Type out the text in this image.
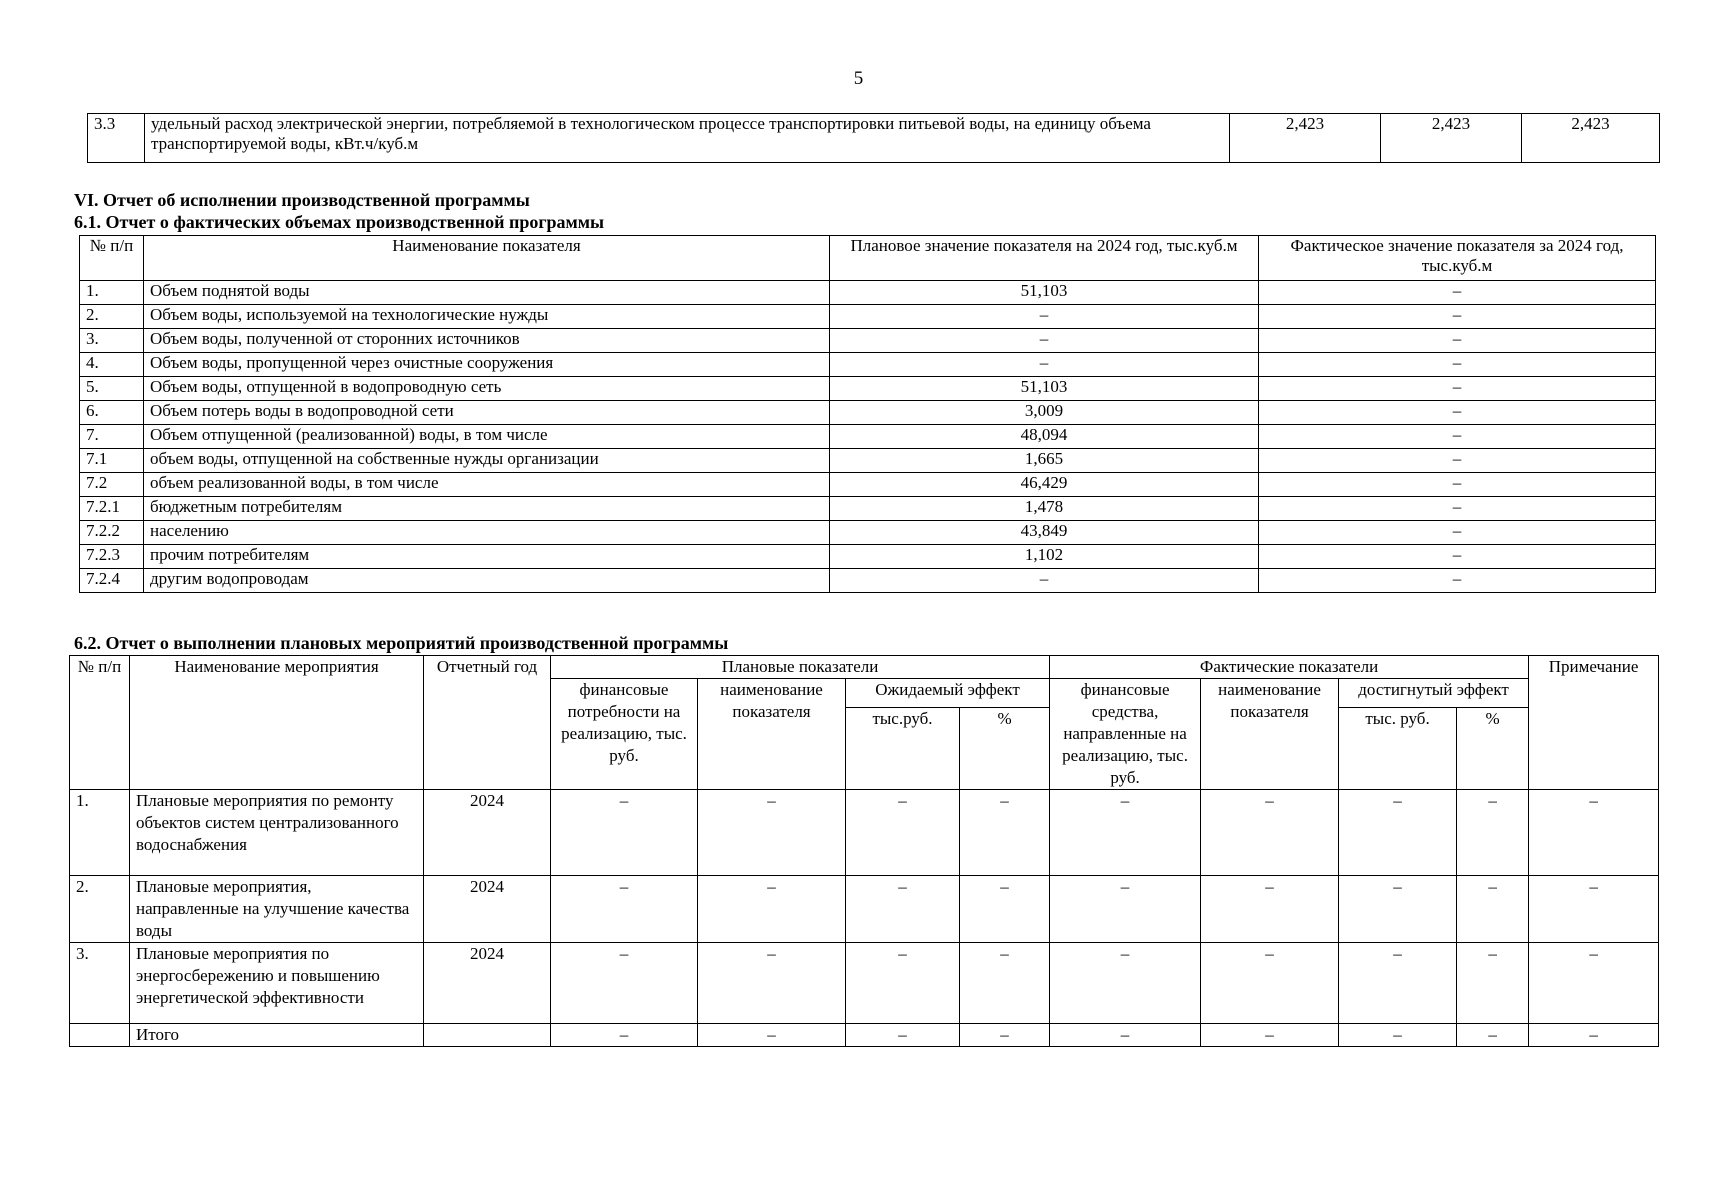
5
3.3	удельный расход электрической энергии, потребляемой в технологическом процессе транспортировки питьевой воды, на единицу объема транспортируемой воды, кВт.ч/куб.м	2,423	2,423	2,423
VI. Отчет об исполнении производственной программы
6.1. Отчет о фактических объемах производственной программы
№ п/п	Наименование показателя	Плановое значение показателя на 2024 год, тыс.куб.м	Фактическое значение показателя за 2024 год, тыс.куб.м
1.	Объем поднятой воды	51,103	–
2.	Объем воды, используемой на технологические нужды	–	–
3.	Объем воды, полученной от сторонних источников	–	–
4.	Объем воды, пропущенной через очистные сооружения	–	–
5.	Объем воды, отпущенной в водопроводную сеть	51,103	–
6.	Объем потерь воды в водопроводной сети	3,009	–
7.	Объем отпущенной (реализованной) воды, в том числе	48,094	–
7.1	объем воды, отпущенной на собственные нужды организации	1,665	–
7.2	объем реализованной воды, в том числе	46,429	–
7.2.1	бюджетным потребителям	1,478	–
7.2.2	населению	43,849	–
7.2.3	прочим потребителям	1,102	–
7.2.4	другим водопроводам	–	–
6.2. Отчет о выполнении плановых мероприятий производственной программы
№ п/п	Наименование мероприятия	Отчетный год	Плановые показатели				Фактические показатели				Примечание
			финансовые потребности на реализацию, тыс. руб.	наименование показателя	Ожидаемый эффект		финансовые средства, направленные на реализацию, тыс. руб.	наименование показателя	достигнутый эффект		
					тыс.руб.	%			тыс. руб.	%	
1.	Плановые мероприятия по ремонту объектов систем централизованного водоснабжения	2024	–	–	–	–	–	–	–	–	–
2.	Плановые мероприятия, направленные на улучшение качества воды	2024	–	–	–	–	–	–	–	–	–
3.	Плановые мероприятия по энергосбережению и повышению энергетической эффективности	2024	–	–	–	–	–	–	–	–	–
	Итого		–	–	–	–	–	–	–	–	–
